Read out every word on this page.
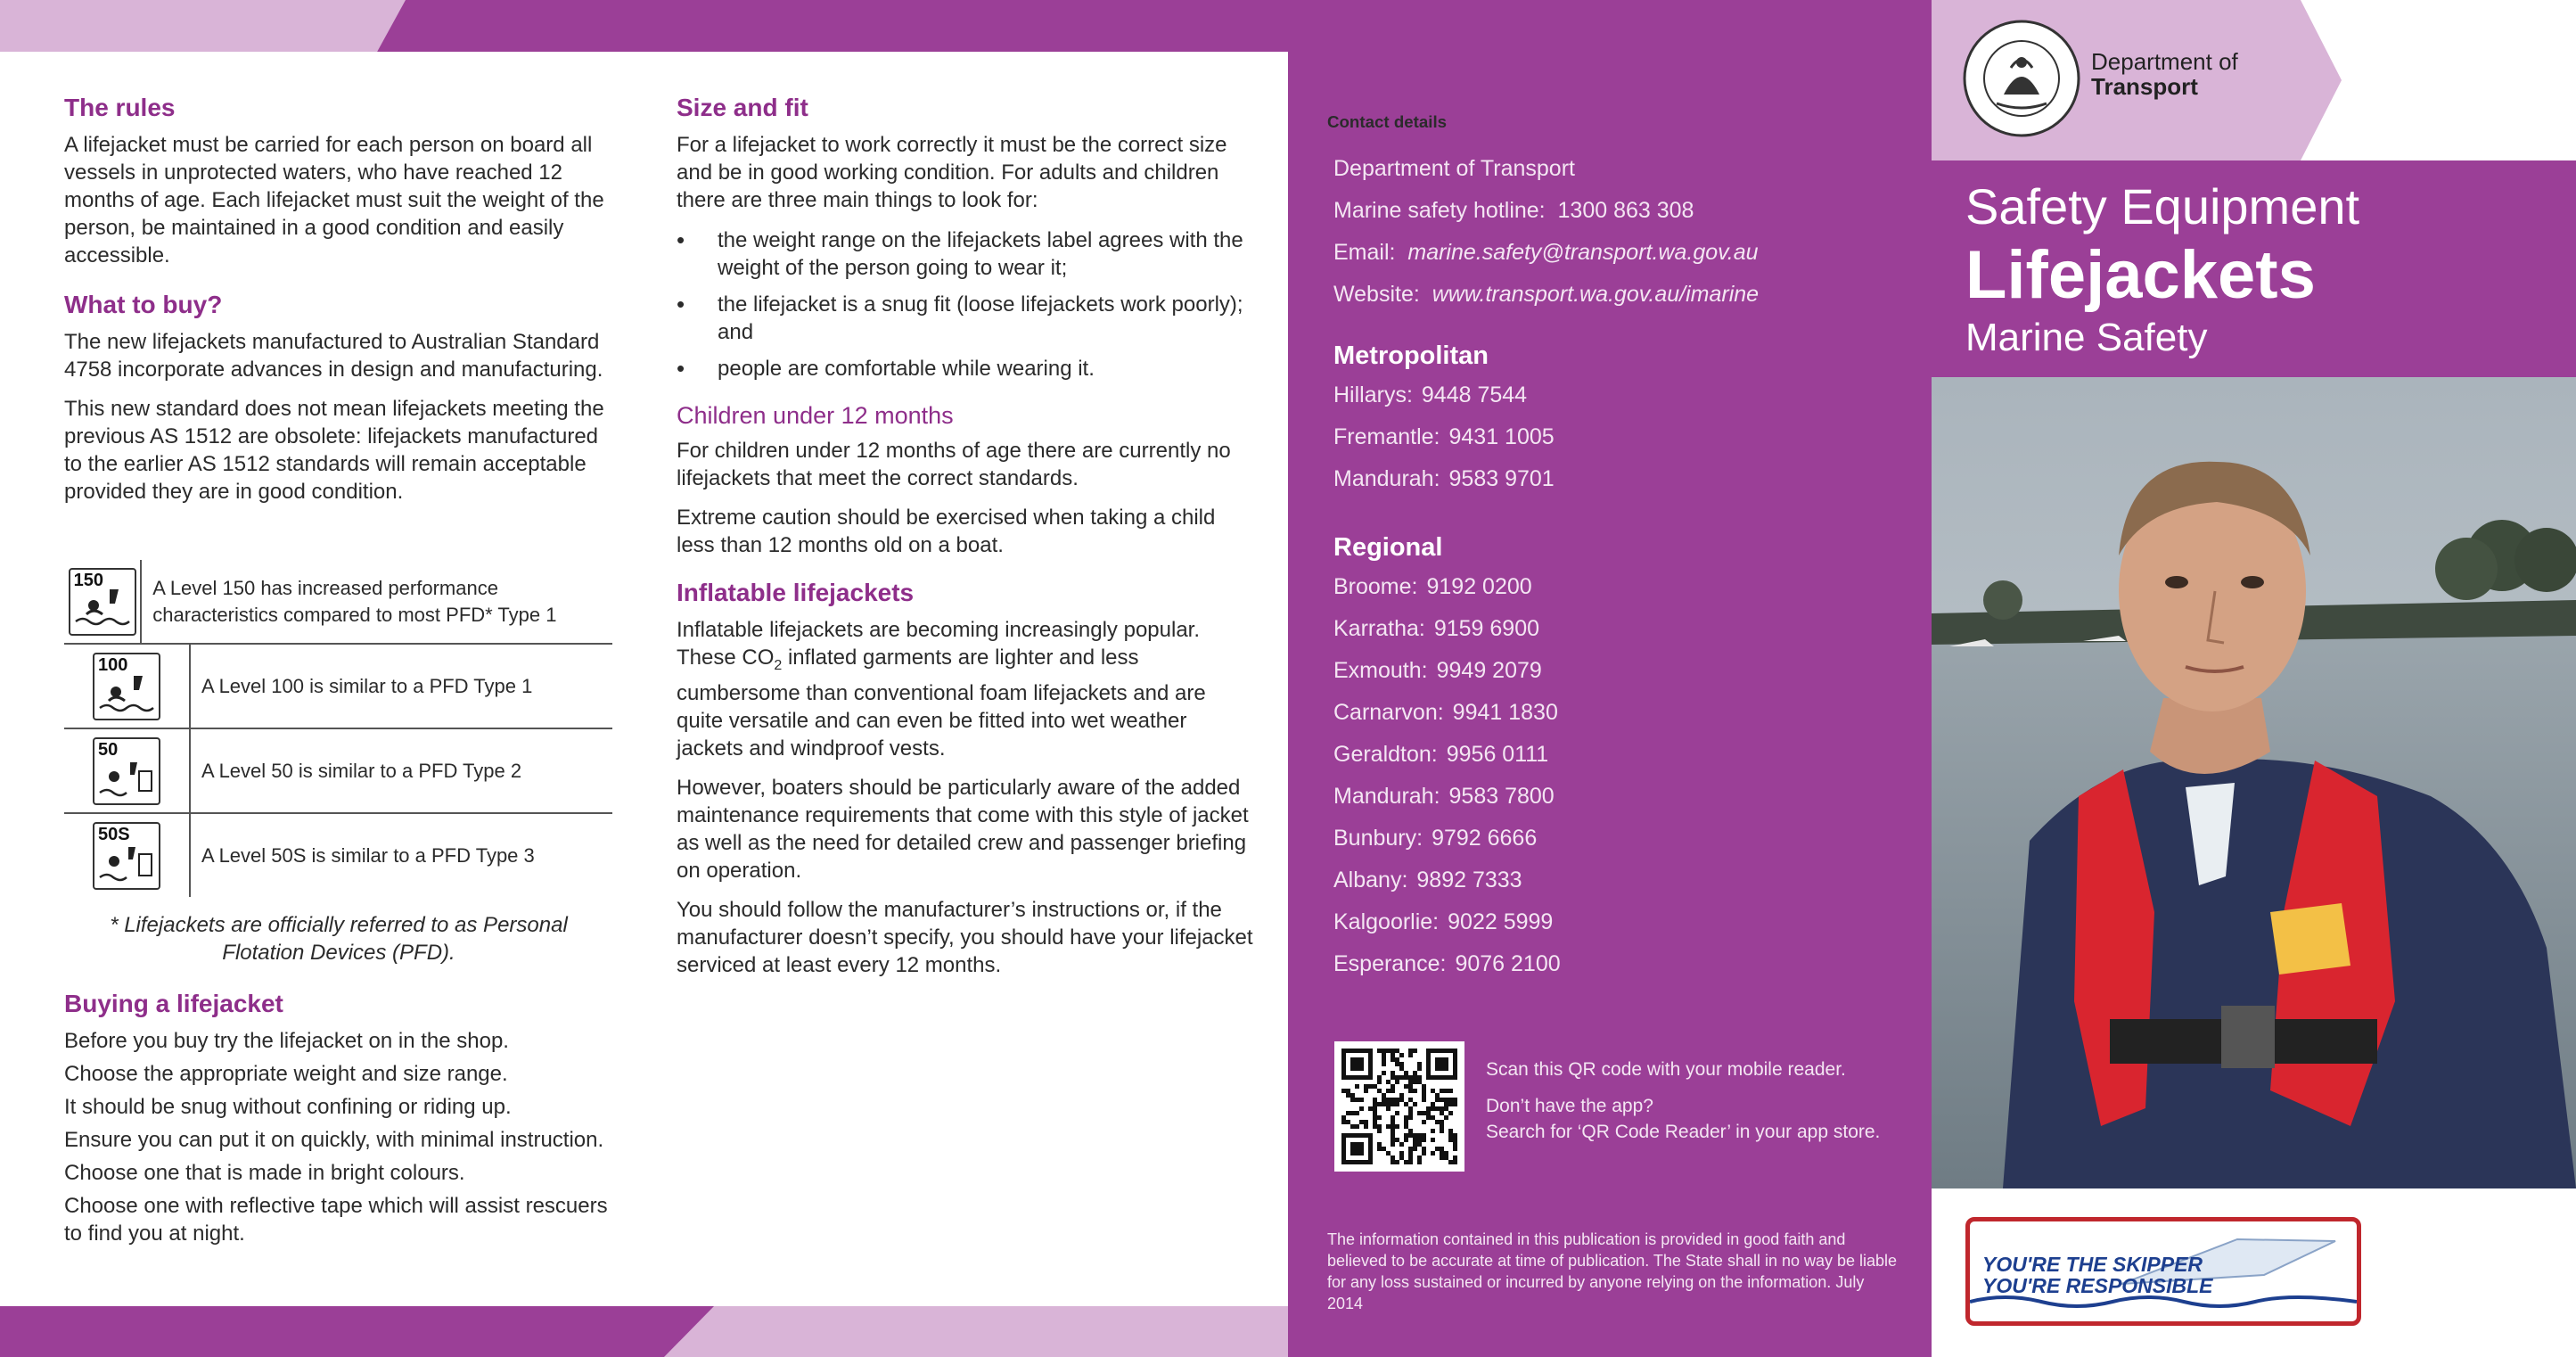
The rules

A lifejacket must be carried for each person on board all vessels in unprotected waters, who have reached 12 months of age. Each lifejacket must suit the weight of the person, be maintained in a good condition and easily accessible.

What to buy?

The new lifejackets manufactured to Australian Standard 4758 incorporate advances in design and manufacturing.

This new standard does not mean lifejackets meeting the previous AS 1512 are obsolete: lifejackets manufactured to the earlier AS 1512 standards will remain acceptable provided they are in good condition.

150	A Level 150 has increased performance characteristics compared to most PFD* Type 1
100
A Level 100 is similar to a PFD Type 1
50
A Level 50 is similar to a PFD Type 2
50S
A Level 50S is similar to a PFD Type 3

* Lifejackets are officially referred to as Personal Flotation Devices (PFD).

Buying a lifejacket

Before you buy try the lifejacket on in the shop.

Choose the appropriate weight and size range.

It should be snug without confining or riding up.

Ensure you can put it on quickly, with minimal instruction.

Choose one that is made in bright colours.

Choose one with reflective tape which will assist rescuers to find you at night.

Size and fit

For a lifejacket to work correctly it must be the correct size and be in good working condition. For adults and children there are three main things to look for:

• the weight range on the lifejackets label agrees with the weight of the person going to wear it;
• the lifejacket is a snug fit (loose lifejackets work poorly); and
• people are comfortable while wearing it.
Children under 12 months

For children under 12 months of age there are currently no lifejackets that meet the correct standards.

Extreme caution should be exercised when taking a child less than 12 months old on a boat.

Inflatable lifejackets

Inflatable lifejackets are becoming increasingly popular. These $CO_2$ inflated garments are lighter and less cumbersome than conventional foam lifejackets and are quite versatile and can even be fitted into wet weather jackets and windproof vests.

However, boaters should be particularly aware of the added maintenance requirements that come with this style of jacket as well as the need for detailed crew and passenger briefing on operation.

You should follow the manufacturer’s instructions or, if the manufacturer doesn’t specify, you should have your lifejacket serviced at least every 12 months.

Contact details
Department of Transport
Marine safety hotline: 1300 863 308
Email: marine.safety@transport.wa.gov.au
Website: www.transport.wa.gov.au/imarine
Metropolitan
Hillarys: 9448 7544
Fremantle: 9431 1005
Mandurah: 9583 9701
Regional
Broome: 9192 0200
Karratha: 9159 6900
Exmouth: 9949 2079
Carnarvon: 9941 1830
Geraldton: 9956 0111
Mandurah: 9583 7800
Bunbury: 9792 6666
Albany: 9892 7333
Kalgoorlie: 9022 5999
Esperance: 9076 2100
Scan this QR code with your mobile reader.
Don’t have the app?
Search for ‘QR Code Reader’ in your app store.
The information contained in this publication is provided in good faith and believed to be accurate at time of publication. The State shall in no way be liable for any loss sustained or incurred by anyone relying on the information. July 2014
Department of
Transport
Safety Equipment
Lifejackets
Marine Safety
YOU'RE THE SKIPPER
YOU'RE RESPONSIBLE
